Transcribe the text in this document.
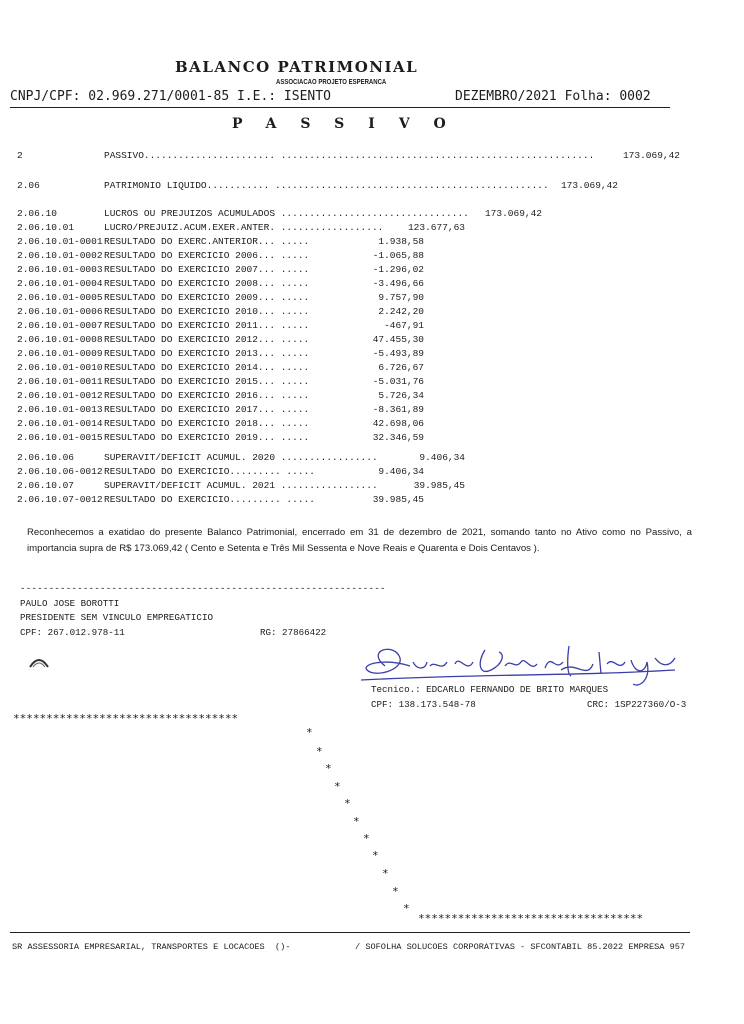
BALANCO PATRIMONIAL
ASSOCIACAO PROJETO ESPERANCA
CNPJ/CPF: 02.969.271/0001-85 I.E.: ISENTO	DEZEMBRO/2021 Folha: 0002
PASSIVO
2	PASSIVO....................... .......................................................	173.069,42
2.06	PATRIMONIO LIQUIDO........... ................................................ 173.069,42
2.06.10	LUCROS OU PREJUIZOS ACUMULADOS ................................. 173.069,42
2.06.10.01	LUCRO/PREJUIZ.ACUM.EXER.ANTER. ..................	123.677,63
2.06.10.01-0001 RESULTADO DO EXERC.ANTERIOR... .....	1.938,58
2.06.10.01-0002 RESULTADO DO EXERCICIO 2006... .....	-1.065,88
2.06.10.01-0003 RESULTADO DO EXERCICIO 2007... .....	-1.296,02
2.06.10.01-0004 RESULTADO DO EXERCICIO 2008... .....	-3.496,66
2.06.10.01-0005 RESULTADO DO EXERCICIO 2009... .....	9.757,90
2.06.10.01-0006 RESULTADO DO EXERCICIO 2010... .....	2.242,20
2.06.10.01-0007 RESULTADO DO EXERCICIO 2011... .....	-467,91
2.06.10.01-0008 RESULTADO DO EXERCICIO 2012... .....	47.455,30
2.06.10.01-0009 RESULTADO DO EXERCICIO 2013... .....	-5.493,89
2.06.10.01-0010 RESULTADO DO EXERCICIO 2014... .....	6.726,67
2.06.10.01-0011 RESULTADO DO EXERCICIO 2015... .....	-5.031,76
2.06.10.01-0012 RESULTADO DO EXERCICIO 2016... .....	5.726,34
2.06.10.01-0013 RESULTADO DO EXERCICIO 2017... .....	-8.361,89
2.06.10.01-0014 RESULTADO DO EXERCICIO 2018... .....	42.698,06
2.06.10.01-0015 RESULTADO DO EXERCICIO 2019... .....	32.346,59
2.06.10.06	SUPERAVIT/DEFICIT ACUMUL. 2020 .................	9.406,34
2.06.10.06-0012 RESULTADO DO EXERCICIO......... .....	9.406,34
2.06.10.07	SUPERAVIT/DEFICIT ACUMUL. 2021 .................	39.985,45
2.06.10.07-0012 RESULTADO DO EXERCICIO......... .....	39.985,45
Reconhecemos a exatidao do presente Balanco Patrimonial, encerrado em 31 de dezembro de 2021, somando tanto no Ativo como no Passivo, a importancia supra de R$ 173.069,42 ( Cento e Setenta e Três Mil Sessenta e Nove Reais e Quarenta e Dois Centavos ).
----------------------------------------------------------------
PAULO JOSE BOROTTI
PRESIDENTE SEM VINCULO EMPREGATICIO
CPF: 267.012.978-11	RG: 27866422
Tecnico.: EDCARLO FERNANDO DE BRITO MARQUES
CPF: 138.173.548-78	CRC: 1SP227360/O-3
**********************************
*
*
*
*
*
*
*
*
*
*
*
**********************************
SR ASSESSORIA EMPRESARIAL, TRANSPORTES E LOCACOES  ()-	/ SOFOLHA SOLUCOES CORPORATIVAS - SFCONTABIL 85.2022 EMPRESA 957
